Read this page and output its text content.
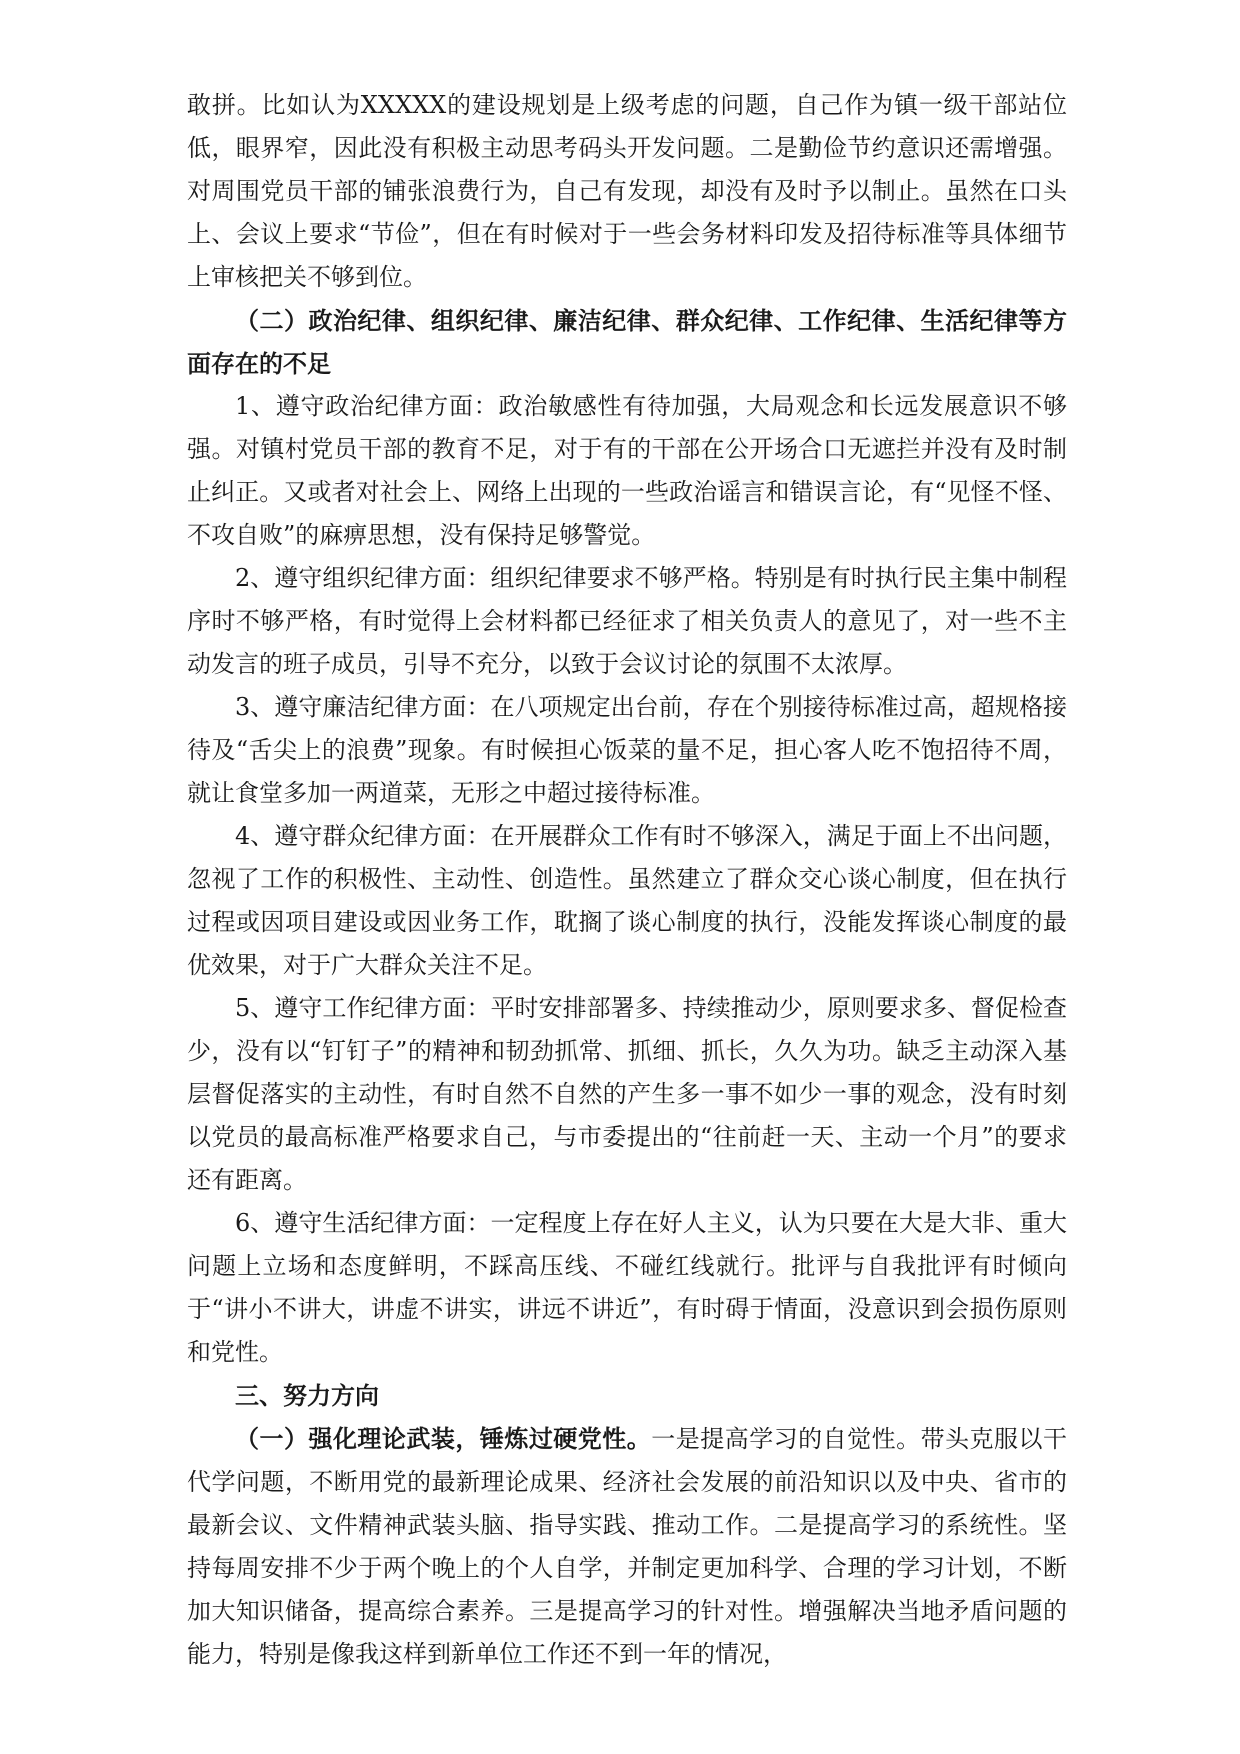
敢拼。比如认为XXXXX的建设规划是上级考虑的问题，自己作为镇一级干部站位低，眼界窄，因此没有积极主动思考码头开发问题。二是勤俭节约意识还需增强。对周围党员干部的铺张浪费行为，自己有发现，却没有及时予以制止。虽然在口头上、会议上要求“节俭”，但在有时候对于一些会务材料印发及招待标准等具体细节上审核把关不够到位。

（二）政治纪律、组织纪律、廉洁纪律、群众纪律、工作纪律、生活纪律等方面存在的不足

1、遵守政治纪律方面：政治敏感性有待加强，大局观念和长远发展意识不够强。对镇村党员干部的教育不足，对于有的干部在公开场合口无遮拦并没有及时制止纠正。又或者对社会上、网络上出现的一些政治谣言和错误言论，有“见怪不怪、不攻自败”的麻痹思想，没有保持足够警觉。

2、遵守组织纪律方面：组织纪律要求不够严格。特别是有时执行民主集中制程序时不够严格，有时觉得上会材料都已经征求了相关负责人的意见了，对一些不主动发言的班子成员，引导不充分，以致于会议讨论的氛围不太浓厚。

3、遵守廉洁纪律方面：在八项规定出台前，存在个别接待标准过高，超规格接待及“舌尖上的浪费”现象。有时候担心饭菜的量不足，担心客人吃不饱招待不周，就让食堂多加一两道菜，无形之中超过接待标准。

4、遵守群众纪律方面：在开展群众工作有时不够深入，满足于面上不出问题，忽视了工作的积极性、主动性、创造性。虽然建立了群众交心谈心制度，但在执行过程或因项目建设或因业务工作，耽搁了谈心制度的执行，没能发挥谈心制度的最优效果，对于广大群众关注不足。

5、遵守工作纪律方面：平时安排部署多、持续推动少，原则要求多、督促检查少，没有以“钉钉子”的精神和韧劲抓常、抓细、抓长，久久为功。缺乏主动深入基层督促落实的主动性，有时自然不自然的产生多一事不如少一事的观念，没有时刻以党员的最高标准严格要求自己，与市委提出的“往前赶一天、主动一个月”的要求还有距离。

6、遵守生活纪律方面：一定程度上存在好人主义，认为只要在大是大非、重大问题上立场和态度鲜明，不踩高压线、不碰红线就行。批评与自我批评有时倾向于“讲小不讲大，讲虚不讲实，讲远不讲近”，有时碍于情面，没意识到会损伤原则和党性。

三、努力方向

（一）强化理论武装，锤炼过硬党性。一是提高学习的自觉性。带头克服以干代学问题，不断用党的最新理论成果、经济社会发展的前沿知识以及中央、省市的最新会议、文件精神武装头脑、指导实践、推动工作。二是提高学习的系统性。坚持每周安排不少于两个晚上的个人自学，并制定更加科学、合理的学习计划，不断加大知识储备，提高综合素养。三是提高学习的针对性。增强解决当地矛盾问题的能力，特别是像我这样到新单位工作还不到一年的情况，
